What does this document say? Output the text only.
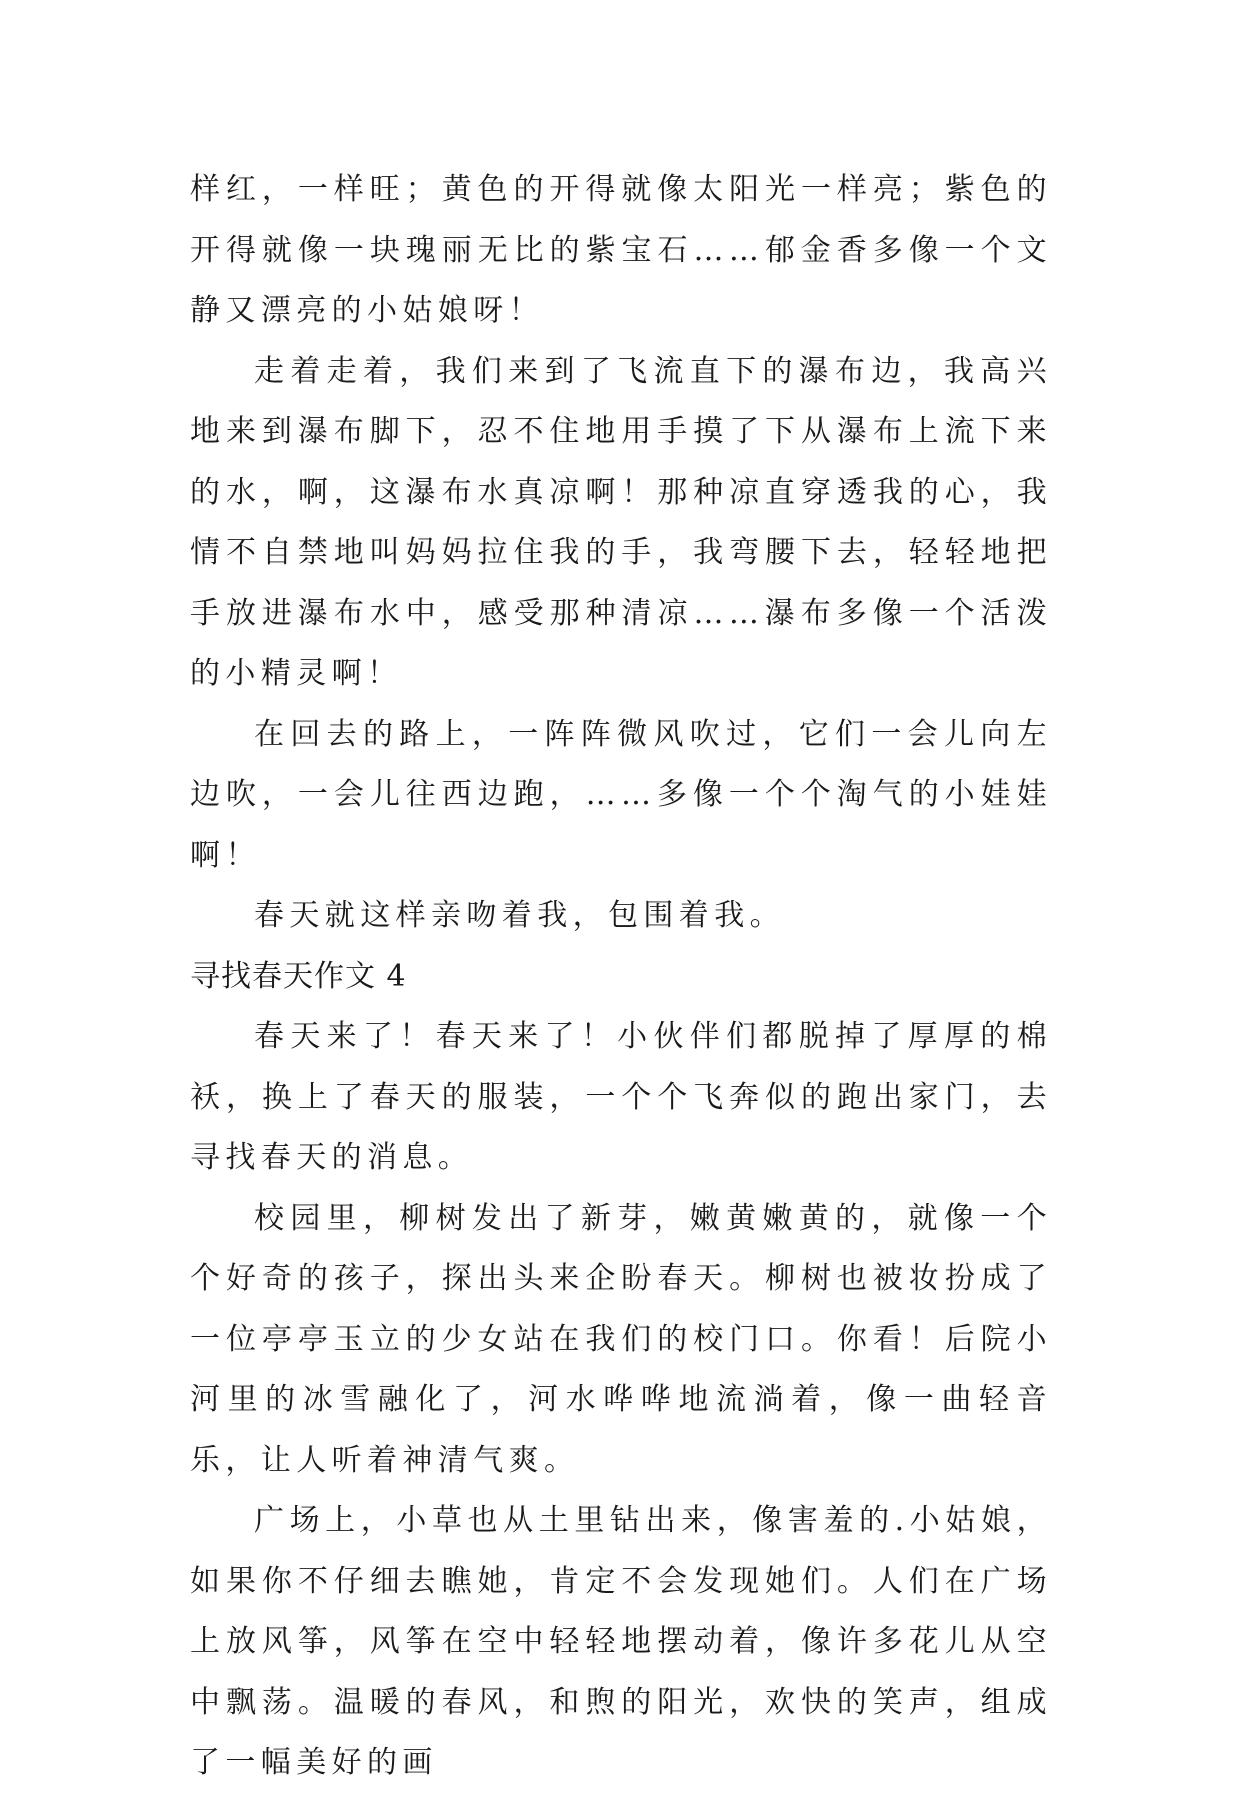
样红，一样旺；黄色的开得就像太阳光一样亮；紫色的开得就像一块瑰丽无比的紫宝石……郁金香多像一个文静又漂亮的小姑娘呀！

走着走着，我们来到了飞流直下的瀑布边，我高兴地来到瀑布脚下，忍不住地用手摸了下从瀑布上流下来的水，啊，这瀑布水真凉啊！那种凉直穿透我的心，我情不自禁地叫妈妈拉住我的手，我弯腰下去，轻轻地把手放进瀑布水中，感受那种清凉……瀑布多像一个活泼的小精灵啊！

在回去的路上，一阵阵微风吹过，它们一会儿向左边吹，一会儿往西边跑，……多像一个个淘气的小娃娃啊！

春天就这样亲吻着我，包围着我。

寻找春天作文 4

春天来了！春天来了！小伙伴们都脱掉了厚厚的棉袄，换上了春天的服装，一个个飞奔似的跑出家门，去寻找春天的消息。

校园里，柳树发出了新芽，嫩黄嫩黄的，就像一个个好奇的孩子，探出头来企盼春天。柳树也被妆扮成了一位亭亭玉立的少女站在我们的校门口。你看！后院小河里的冰雪融化了，河水哗哗地流淌着，像一曲轻音乐，让人听着神清气爽。

广场上，小草也从土里钻出来，像害羞的.小姑娘，如果你不仔细去瞧她，肯定不会发现她们。人们在广场上放风筝，风筝在空中轻轻地摆动着，像许多花儿从空中飘荡。温暖的春风，和煦的阳光，欢快的笑声，组成了一幅美好的画
